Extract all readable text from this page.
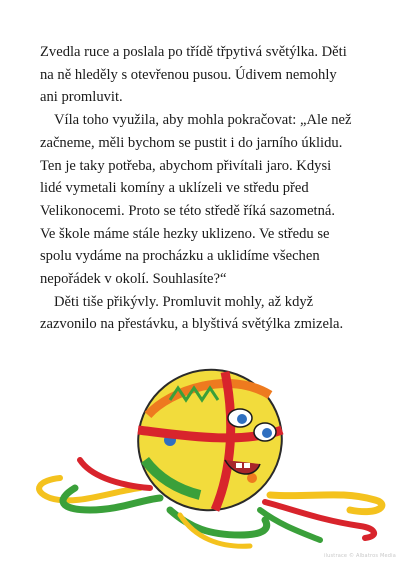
Zvedla ruce a poslala po třídě třpytivá světýlka. Děti
na ně hleděly s otevřenou pusou. Údivem nemohly
ani promluvit.

Víla toho využila, aby mohla pokračovat: „Ale než
začneme, měli bychom se pustit i do jarního úklidu.
Ten je taky potřeba, abychom přivítali jaro. Kdysi
lidé vymetali komíny a uklízeli ve středu před
Velikonocemi. Proto se této středě říká sazometná.
Ve škole máme stále hezky uklizeno. Ve středu se
spolu vydáme na procházku a uklidíme všechen
nepořádek v okolí. Souhlasíte?“

Děti tiše přikývly. Promluvit mohly, až když
zazvonilo na přestávku, a blyštivá světýlka zmizela.

ilustrace © Albatros Media
